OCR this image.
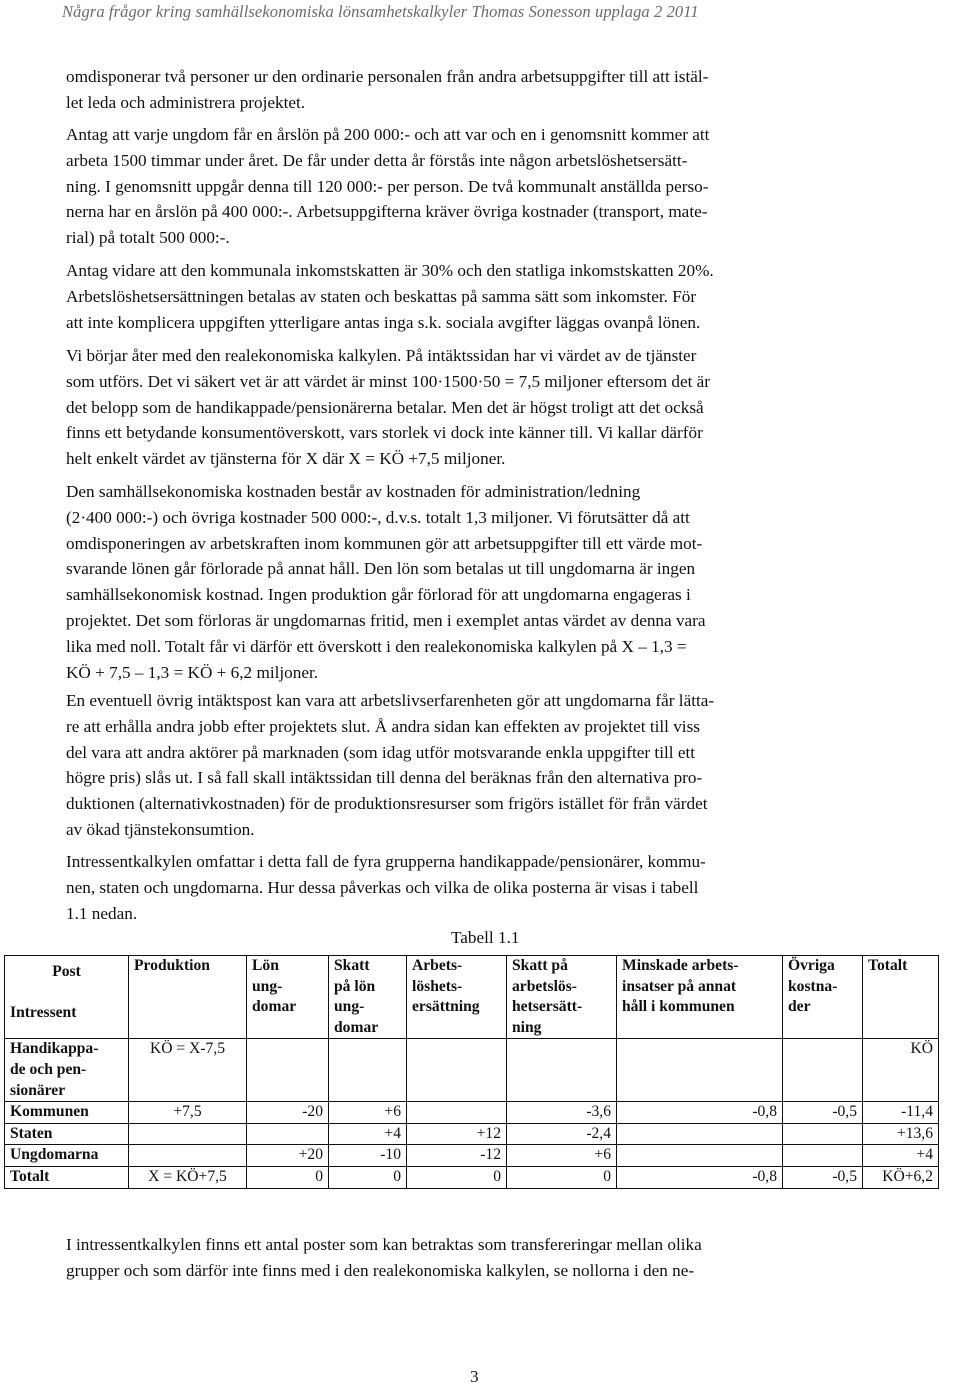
Några frågor kring samhällsekonomiska lönsamhetskalkyler Thomas Sonesson upplaga 2 2011
omdisponerar två personer ur den ordinarie personalen från andra arbetsuppgifter till att istäl-
let leda och administrera projektet.
Antag att varje ungdom får en årslön på 200 000:- och att var och en i genomsnitt kommer att
arbeta 1500 timmar under året. De får under detta år förstås inte någon arbetslöshetsersätt-
ning. I genomsnitt uppgår denna till 120 000:- per person. De två kommunalt anställda perso-
nerna har en årslön på 400 000:-. Arbetsuppgifterna kräver övriga kostnader (transport, mate-
rial) på totalt 500 000:-.
Antag vidare att den kommunala inkomstskatten är 30% och den statliga inkomstskatten 20%.
Arbetslöshetsersättningen betalas av staten och beskattas på samma sätt som inkomster. För
att inte komplicera uppgiften ytterligare antas inga s.k. sociala avgifter läggas ovanpå lönen.
Vi börjar åter med den realekonomiska kalkylen. På intäktssidan har vi värdet av de tjänster
som utförs. Det vi säkert vet är att värdet är minst 100·1500·50 = 7,5 miljoner eftersom det är
det belopp som de handikappade/pensionärerna betalar. Men det är högst troligt att det också
finns ett betydande konsumentöverskott, vars storlek vi dock inte känner till. Vi kallar därför
helt enkelt värdet av tjänsterna för X där X = KÖ +7,5 miljoner.
Den samhällsekonomiska kostnaden består av kostnaden för administration/ledning
(2·400 000:-) och övriga kostnader 500 000:-, d.v.s. totalt 1,3 miljoner. Vi förutsätter då att
omdisponeringen av arbetskraften inom kommunen gör att arbetsuppgifter till ett värde mot-
svarande lönen går förlorade på annat håll. Den lön som betalas ut till ungdomarna är ingen
samhällsekonomisk kostnad. Ingen produktion går förlorad för att ungdomarna engageras i
projektet. Det som förloras är ungdomarnas fritid, men i exemplet antas värdet av denna vara
lika med noll. Totalt får vi därför ett överskott i den realekonomiska kalkylen på X – 1,3 =
KÖ + 7,5 – 1,3 = KÖ + 6,2 miljoner.
En eventuell övrig intäktspost kan vara att arbetslivserfarenheten gör att ungdomarna får lätta-
re att erhålla andra jobb efter projektets slut. Å andra sidan kan effekten av projektet till viss
del vara att andra aktörer på marknaden (som idag utför motsvarande enkla uppgifter till ett
högre pris) slås ut. I så fall skall intäktssidan till denna del beräknas från den alternativa pro-
duktionen (alternativkostnaden) för de produktionsresurser som frigörs istället för från värdet
av ökad tjänstekonsumtion.
Intressentkalkylen omfattar i detta fall de fyra grupperna handikappade/pensionärer, kommu-
nen, staten och ungdomarna. Hur dessa påverkas och vilka de olika posterna är visas i tabell
1.1 nedan.
Tabell 1.1
Post
Intressent	Produktion	Lön
ung-
domar	Skatt
på lön
ung-
domar	Arbets-
löshets-
ersättning	Skatt på
arbetslös-
hetsersätt-
ning	Minskade arbets-
insatser på annat
håll i kommunen	Övriga
kostna-
der	Totalt

Handikappa-
de och pen-
sionärer	KÖ = X-7,5							KÖ

Kommunen	+7,5	-20	+6		-3,6	-0,8	-0,5	-11,4

Staten			+4	+12	-2,4			+13,6

Ungdomarna		+20	-10	-12	+6			+4

Totalt	X = KÖ+7,5	0	0	0	0	-0,8	-0,5	KÖ+6,2
I intressentkalkylen finns ett antal poster som kan betraktas som transfereringar mellan olika
grupper och som därför inte finns med i den realekonomiska kalkylen, se nollorna i den ne-
3
